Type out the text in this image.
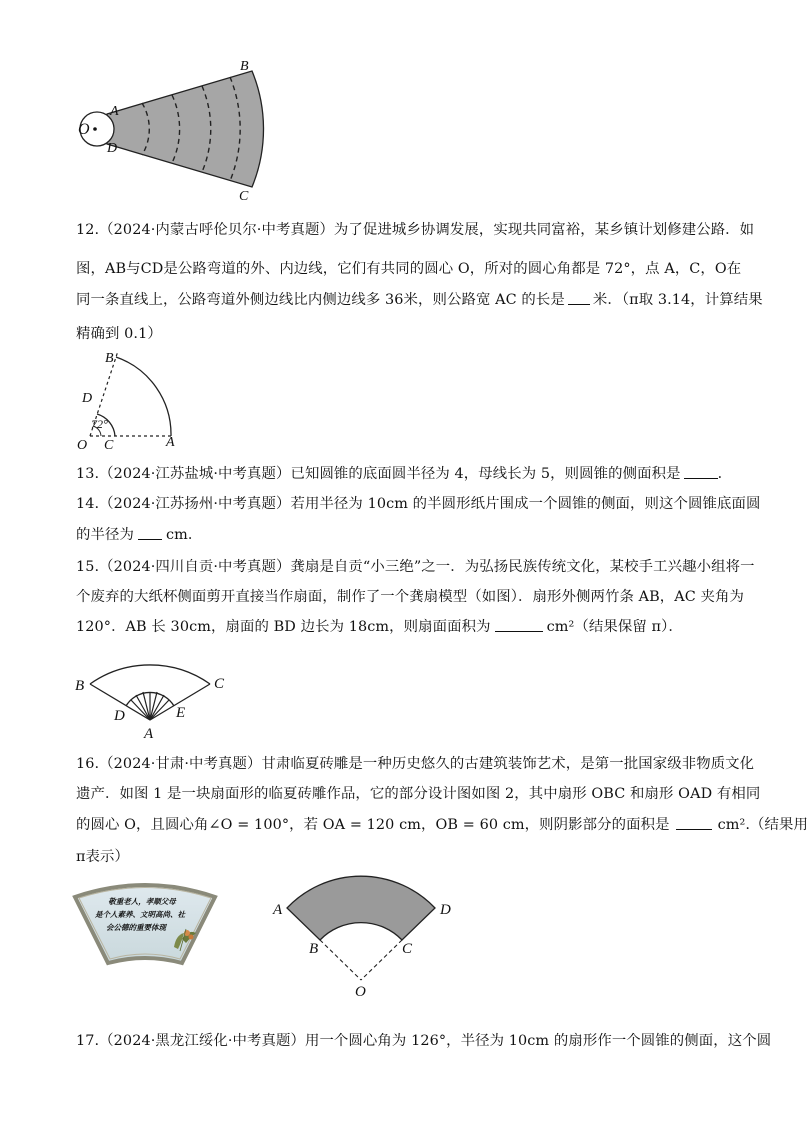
O
A
D
B
C
12.（2024·内蒙古呼伦贝尔·中考真题）为了促进城乡协调发展，实现共同富裕，某乡镇计划修建公路．如
图，AB与CD是公路弯道的外、内边线，它们有共同的圆心 O，所对的圆心角都是 72°，点 A，C，O在
同一条直线上，公路弯道外侧边线比内侧边线多 36米，则公路宽 AC 的长是 米．（π取 3.14，计算结果
精确到 0.1）
B
D
72°
O C	A
13.（2024·江苏盐城·中考真题）已知圆锥的底面圆半径为 4，母线长为 5，则圆锥的侧面积是	．
14.（2024·江苏扬州·中考真题）若用半径为 10cm 的半圆形纸片围成一个圆锥的侧面，则这个圆锥底面圆
的半径为 cm．
15.（2024·四川自贡·中考真题）龚扇是自贡“小三绝”之一．为弘扬民族传统文化，某校手工兴趣小组将一
个废弃的大纸杯侧面剪开直接当作扇面，制作了一个龚扇模型（如图）．扇形外侧两竹条 AB，AC 夹角为
120°．AB 长 30cm，扇面的 BD 边长为 18cm，则扇面面积为	cm²（结果保留 π）．
B	C
D	E
A
16.（2024·甘肃·中考真题）甘肃临夏砖雕是一种历史悠久的古建筑装饰艺术，是第一批国家级非物质文化
遗产．如图 1 是一块扇面形的临夏砖雕作品，它的部分设计图如图 2，其中扇形 OBC 和扇形 OAD 有相同
的圆心 O，且圆心角∠O = 100°，若 OA = 120 cm，OB = 60 cm，则阴影部分的面积是	cm².（结果用
π表示）
敬重老人，孝顺父母
是个人素养、文明高尚、社
会公德的重要体现
A	D
B	C
O
17.（2024·黑龙江绥化·中考真题）用一个圆心角为 126°，半径为 10cm 的扇形作一个圆锥的侧面，这个圆
